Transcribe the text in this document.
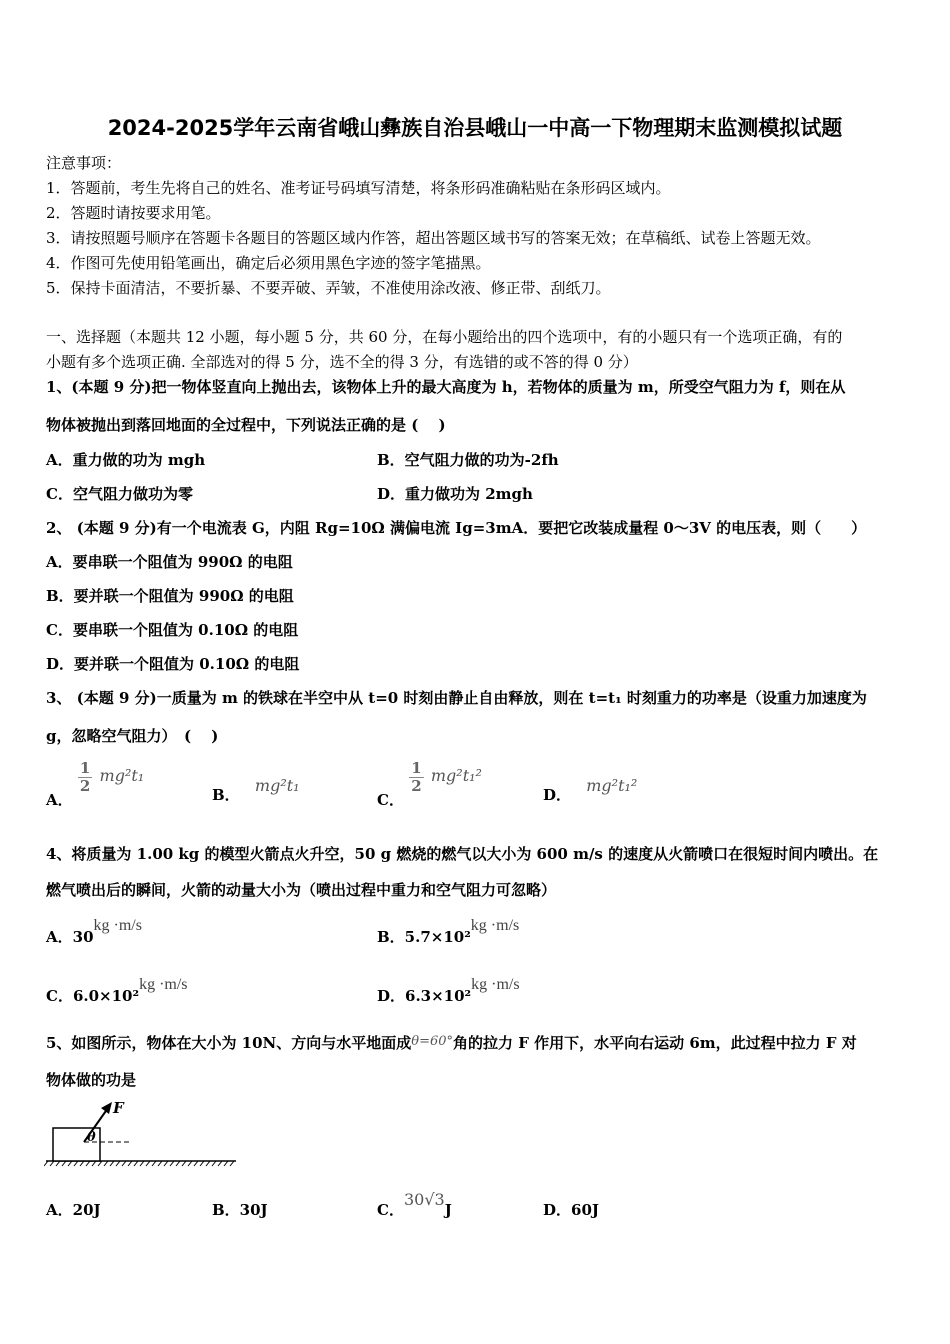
2024-2025学年云南省峨山彝族自治县峨山一中高一下物理期末监测模拟试题
注意事项：
1．答题前，考生先将自己的姓名、准考证号码填写清楚，将条形码准确粘贴在条形码区域内。
2．答题时请按要求用笔。
3．请按照题号顺序在答题卡各题目的答题区域内作答，超出答题区域书写的答案无效；在草稿纸、试卷上答题无效。
4．作图可先使用铅笔画出，确定后必须用黑色字迹的签字笔描黑。
5．保持卡面清洁，不要折暴、不要弄破、弄皱，不准使用涂改液、修正带、刮纸刀。
一、选择题（本题共 12 小题，每小题 5 分，共 60 分，在每小题给出的四个选项中，有的小题只有一个选项正确，有的
小题有多个选项正确. 全部选对的得 5 分，选不全的得 3 分，有选错的或不答的得 0 分）
1、(本题 9 分)把一物体竖直向上抛出去，该物体上升的最大高度为 h，若物体的质量为 m，所受空气阻力为 f，则在从
物体被抛出到落回地面的全过程中，下列说法正确的是 (　 )
A．重力做的功为 mgh	B．空气阻力做的功为-2fh
C．空气阻力做功为零	D．重力做功为 2mgh
2、 (本题 9 分)有一个电流表 G，内阻 Rg=10Ω 满偏电流 Ig=3mA．要把它改装成量程 0～3V 的电压表，则（　　）
A．要串联一个阻值为 990Ω 的电阻
B．要并联一个阻值为 990Ω 的电阻
C．要串联一个阻值为 0.10Ω 的电阻
D．要并联一个阻值为 0.10Ω 的电阻
3、 (本题 9 分)一质量为 m 的铁球在半空中从 t=0 时刻由静止自由释放，则在 t=t₁ 时刻重力的功率是（设重力加速度为
g，忽略空气阻力）　(　 )
A．
$\frac{1}{2} mg^2t_1$
B． mg²t₁
C．
$\frac{1}{2} mg^2t_1^2$
D． mg²t₁²
4、将质量为 1.00 kg 的模型火箭点火升空，50 g 燃烧的燃气以大小为 600 m/s 的速度从火箭喷口在很短时间内喷出。在
燃气喷出后的瞬间，火箭的动量大小为（喷出过程中重力和空气阻力可忽略）
A．30kg ·m/s
B．5.7×10²kg ·m/s
C．6.0×10²kg ·m/s
D．6.3×10²kg ·m/s
5、如图所示，物体在大小为 10N、方向与水平地面成θ=60°角的拉力 F 作用下，水平向右运动 6m，此过程中拉力 F 对
物体做的功是
F
θ
A．20J	B．30J	C．30√3J	D．60J
